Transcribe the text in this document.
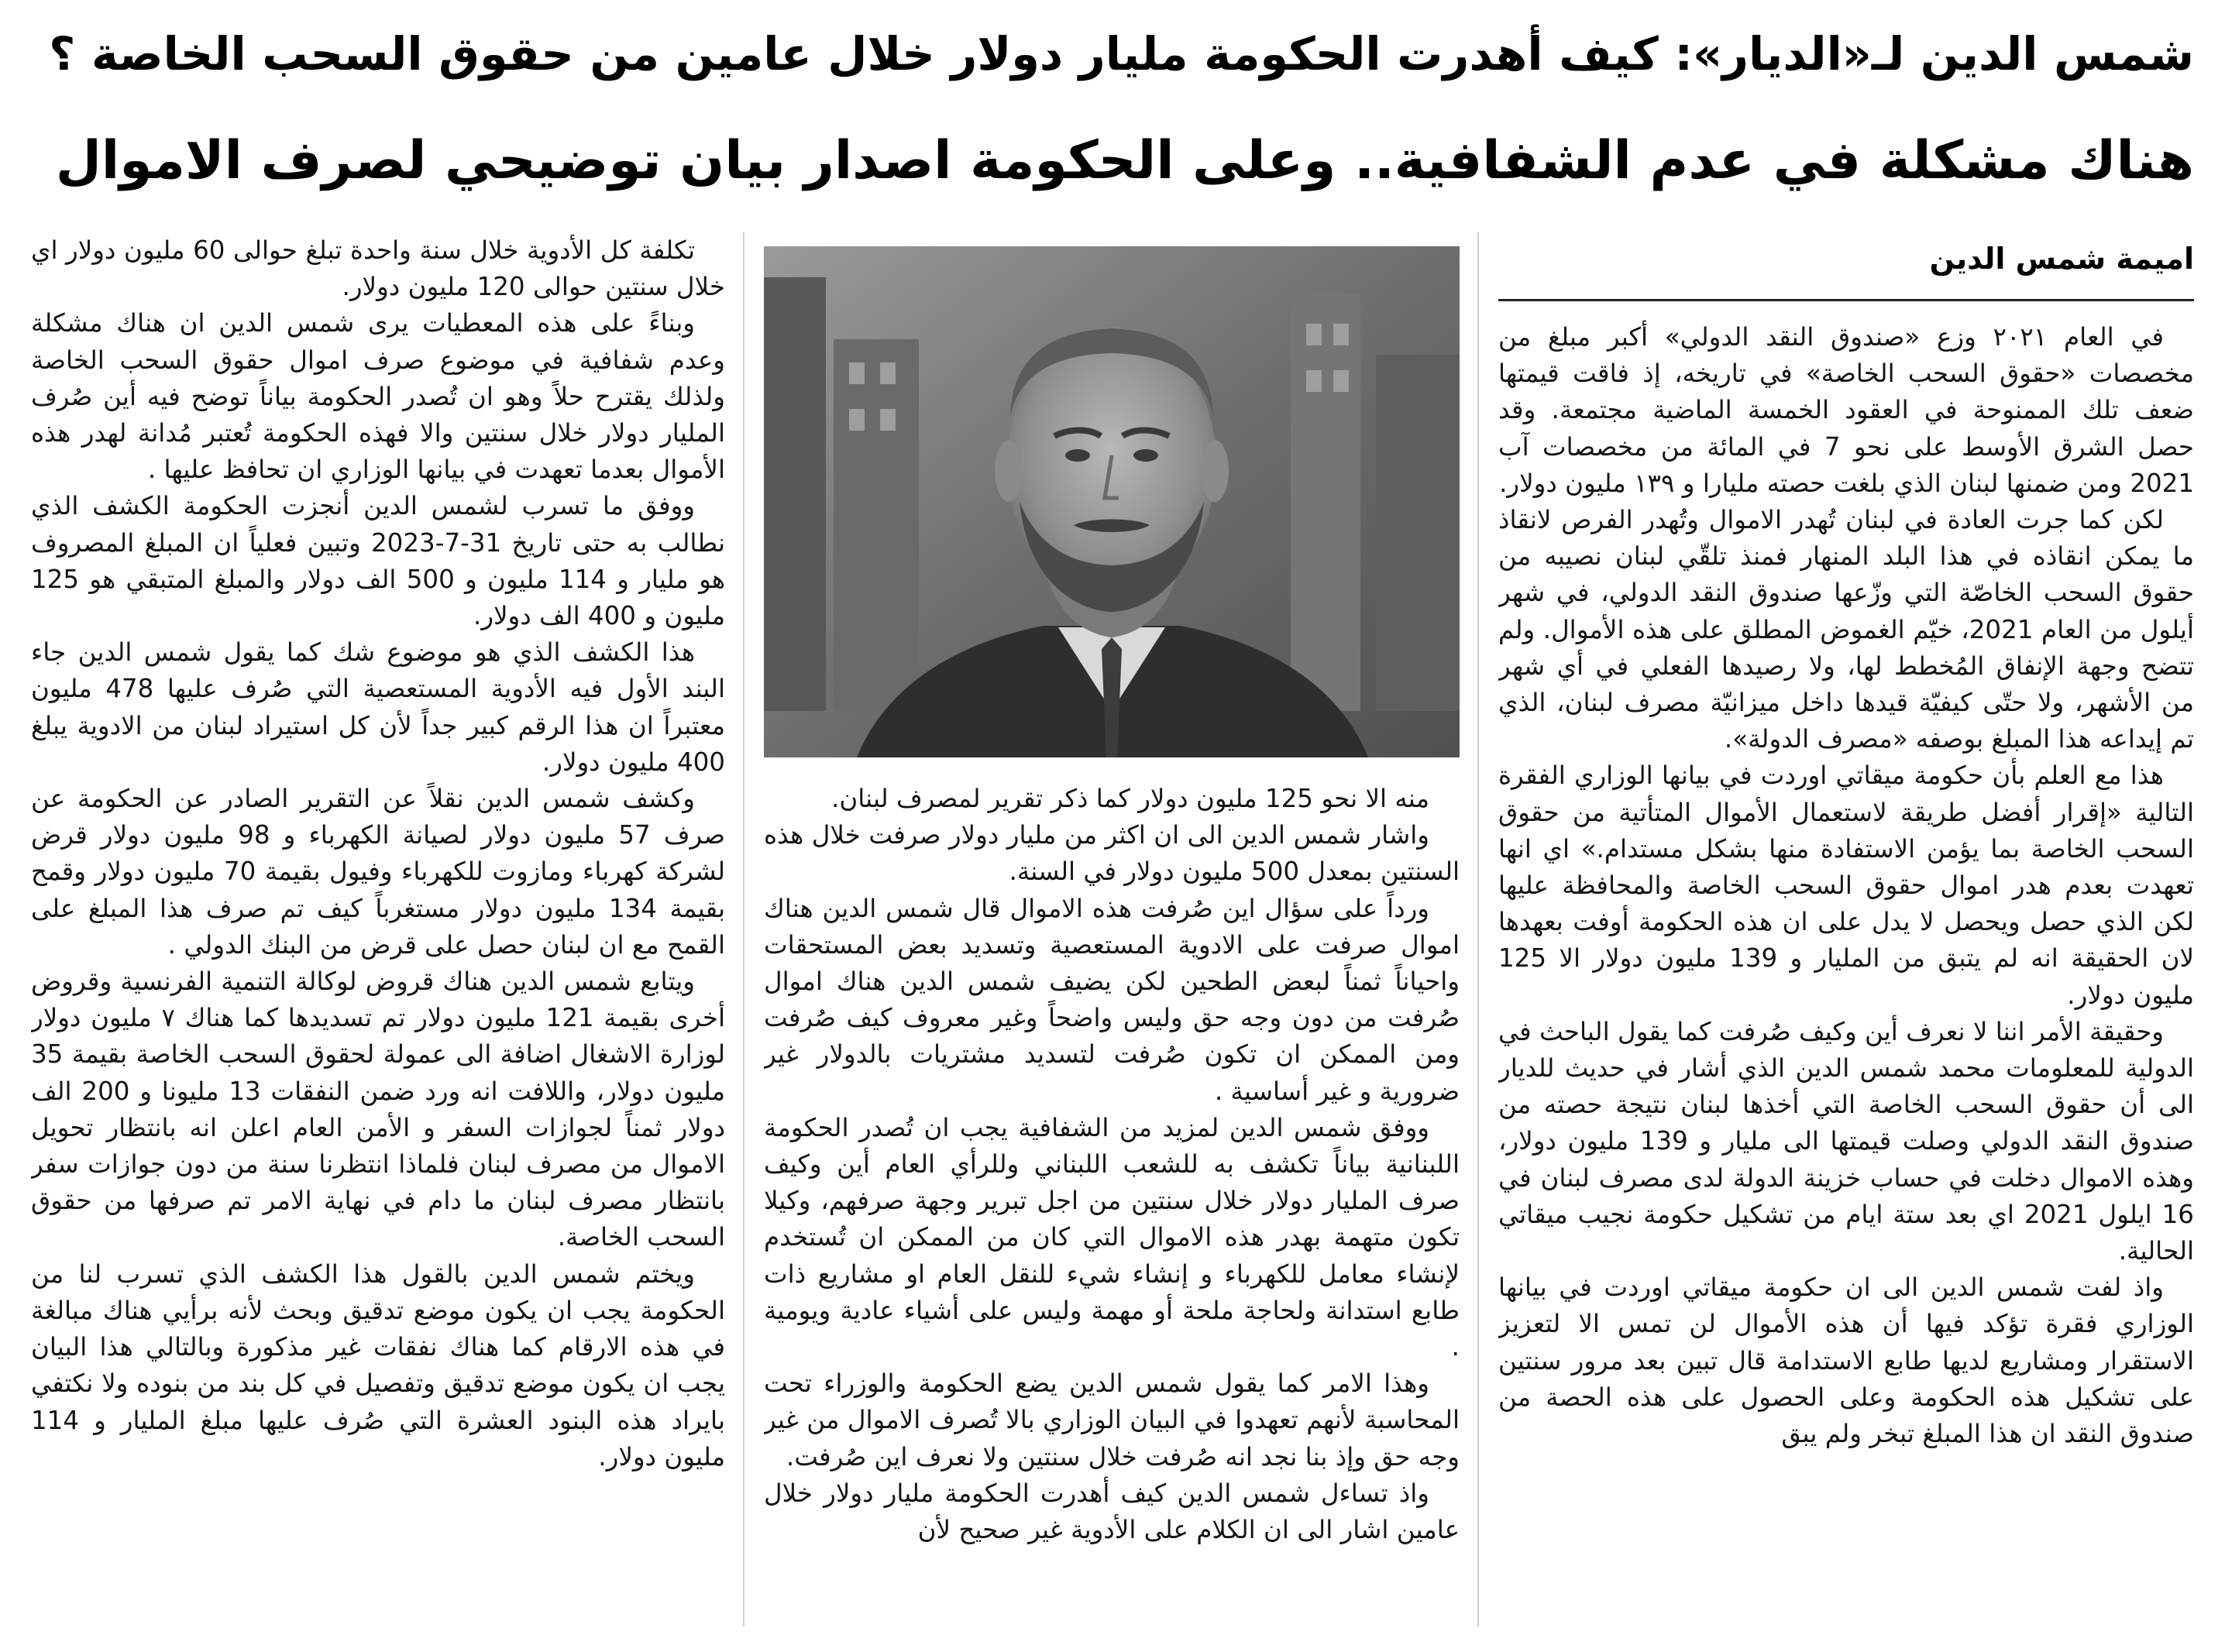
شمس الدين لـ«الديار»: كيف أهدرت الحكومة مليار دولار خلال عامين من حقوق السحب الخاصة ؟
هناك مشكلة في عدم الشفافية.. وعلى الحكومة اصدار بيان توضيحي لصرف الاموال
اميمة شمس الدين

في العام ٢٠٢١ وزع «صندوق النقد الدولي» أكبر مبلغ من مخصصات «حقوق السحب الخاصة» في تاريخه، إذ فاقت قيمتها ضعف تلك الممنوحة في العقود الخمسة الماضية مجتمعة. وقد حصل الشرق الأوسط على نحو 7 في المائة من مخصصات آب 2021 ومن ضمنها لبنان الذي بلغت حصته مليارا و ١٣٩ مليون دولار.

لكن كما جرت العادة في لبنان تُهدر الاموال وتُهدر الفرص لانقاذ ما يمكن انقاذه في هذا البلد المنهار فمنذ تلقّي لبنان نصيبه من حقوق السحب الخاصّة التي وزّعها صندوق النقد الدولي، في شهر أيلول من العام 2021، خيّم الغموض المطلق على هذه الأموال. ولم تتضح وجهة الإنفاق المُخطط لها، ولا رصيدها الفعلي في أي شهر من الأشهر، ولا حتّى كيفيّة قيدها داخل ميزانيّة مصرف لبنان، الذي تم إيداعه هذا المبلغ بوصفه «مصرف الدولة».

هذا مع العلم بأن حكومة ميقاتي اوردت في بيانها الوزاري الفقرة التالية «إقرار أفضل طريقة لاستعمال الأموال المتأتية من حقوق السحب الخاصة بما يؤمن الاستفادة منها بشكل مستدام.» اي انها تعهدت بعدم هدر اموال حقوق السحب الخاصة والمحافظة عليها لكن الذي حصل ويحصل لا يدل على ان هذه الحكومة أوفت بعهدها لان الحقيقة انه لم يتبق من المليار و 139 مليون دولار الا 125 مليون دولار.

وحقيقة الأمر اننا لا نعرف أين وكيف صُرفت كما يقول الباحث في الدولية للمعلومات محمد شمس الدين الذي أشار في حديث للديار الى أن حقوق السحب الخاصة التي أخذها لبنان نتيجة حصته من صندوق النقد الدولي وصلت قيمتها الى مليار و 139 مليون دولار، وهذه الاموال دخلت في حساب خزينة الدولة لدى مصرف لبنان في 16 ايلول 2021 اي بعد ستة ايام من تشكيل حكومة نجيب ميقاتي الحالية.

واذ لفت شمس الدين الى ان حكومة ميقاتي اوردت في بيانها الوزاري فقرة تؤكد فيها أن هذه الأموال لن تمس الا لتعزيز الاستقرار ومشاريع لديها طابع الاستدامة قال تبين بعد مرور سنتين على تشكيل هذه الحكومة وعلى الحصول على هذه الحصة من صندوق النقد ان هذا المبلغ تبخر ولم يبق

منه الا نحو 125 مليون دولار كما ذكر تقرير لمصرف لبنان.

واشار شمس الدين الى ان اكثر من مليار دولار صرفت خلال هذه السنتين بمعدل 500 مليون دولار في السنة.

ورداً على سؤال اين صُرفت هذه الاموال قال شمس الدين هناك اموال صرفت على الادوية المستعصية وتسديد بعض المستحقات واحياناً ثمناً لبعض الطحين لكن يضيف شمس الدين هناك اموال صُرفت من دون وجه حق وليس واضحاً وغير معروف كيف صُرفت ومن الممكن ان تكون صُرفت لتسديد مشتريات بالدولار غير ضرورية و غير أساسية .

ووفق شمس الدين لمزيد من الشفافية يجب ان تُصدر الحكومة اللبنانية بياناً تكشف به للشعب اللبناني وللرأي العام أين وكيف صرف المليار دولار خلال سنتين من اجل تبرير وجهة صرفهم، وكيلا تكون متهمة بهدر هذه الاموال التي كان من الممكن ان تُستخدم لإنشاء معامل للكهرباء و إنشاء شيء للنقل العام او مشاريع ذات طابع استدانة ولحاجة ملحة أو مهمة وليس على أشياء عادية ويومية .

وهذا الامر كما يقول شمس الدين يضع الحكومة والوزراء تحت المحاسبة لأنهم تعهدوا في البيان الوزاري بالا تُصرف الاموال من غير وجه حق وإذ بنا نجد انه صُرفت خلال سنتين ولا نعرف اين صُرفت.

واذ تساءل شمس الدين كيف أهدرت الحكومة مليار دولار خلال عامين اشار الى ان الكلام على الأدوية غير صحيح لأن

تكلفة كل الأدوية خلال سنة واحدة تبلغ حوالى 60 مليون دولار اي خلال سنتين حوالى 120 مليون دولار.

وبناءً على هذه المعطيات يرى شمس الدين ان هناك مشكلة وعدم شفافية في موضوع صرف اموال حقوق السحب الخاصة ولذلك يقترح حلاً وهو ان تُصدر الحكومة بياناً توضح فيه أين صُرف المليار دولار خلال سنتين والا فهذه الحكومة تُعتبر مُدانة لهدر هذه الأموال بعدما تعهدت في بيانها الوزاري ان تحافظ عليها .

ووفق ما تسرب لشمس الدين أنجزت الحكومة الكشف الذي نطالب به حتى تاريخ 31-7-2023 وتبين فعلياً ان المبلغ المصروف هو مليار و 114 مليون و 500 الف دولار والمبلغ المتبقي هو 125 مليون و 400 الف دولار.

هذا الكشف الذي هو موضوع شك كما يقول شمس الدين جاء البند الأول فيه الأدوية المستعصية التي صُرف عليها 478 مليون معتبراً ان هذا الرقم كبير جداً لأن كل استيراد لبنان من الادوية يبلغ 400 مليون دولار.

وكشف شمس الدين نقلاً عن التقرير الصادر عن الحكومة عن صرف 57 مليون دولار لصيانة الكهرباء و 98 مليون دولار قرض لشركة كهرباء ومازوت للكهرباء وفيول بقيمة 70 مليون دولار وقمح بقيمة 134 مليون دولار مستغرباً كيف تم صرف هذا المبلغ على القمح مع ان لبنان حصل على قرض من البنك الدولي .

ويتابع شمس الدين هناك قروض لوكالة التنمية الفرنسية وقروض أخرى بقيمة 121 مليون دولار تم تسديدها كما هناك ٧ مليون دولار لوزارة الاشغال اضافة الى عمولة لحقوق السحب الخاصة بقيمة 35 مليون دولار، واللافت انه ورد ضمن النفقات 13 مليونا و 200 الف دولار ثمناً لجوازات السفر و الأمن العام اعلن انه بانتظار تحويل الاموال من مصرف لبنان فلماذا انتظرنا سنة من دون جوازات سفر بانتظار مصرف لبنان ما دام في نهاية الامر تم صرفها من حقوق السحب الخاصة.

ويختم شمس الدين بالقول هذا الكشف الذي تسرب لنا من الحكومة يجب ان يكون موضع تدقيق وبحث لأنه برأيي هناك مبالغة في هذه الارقام كما هناك نفقات غير مذكورة وبالتالي هذا البيان يجب ان يكون موضع تدقيق وتفصيل في كل بند من بنوده ولا نكتفي بايراد هذه البنود العشرة التي صُرف عليها مبلغ المليار و 114 مليون دولار.
